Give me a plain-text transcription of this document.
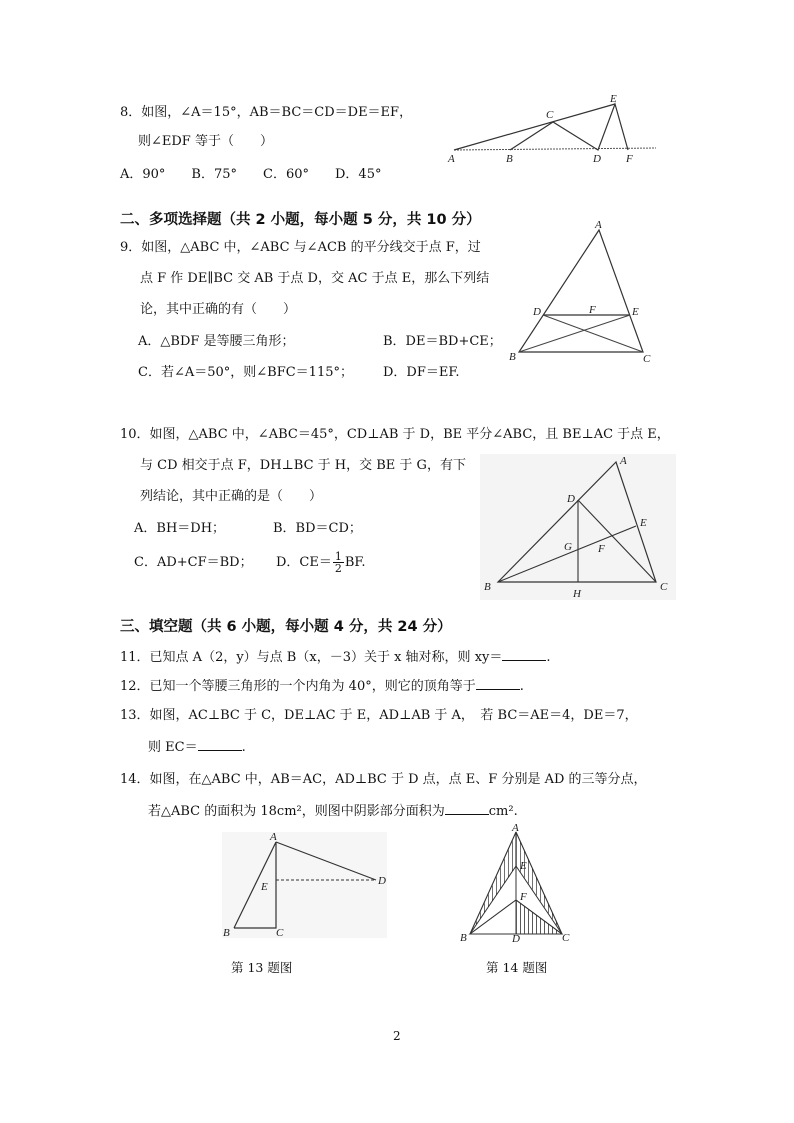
8．如图，∠A＝15°，AB＝BC＝CD＝DE＝EF，
则∠EDF 等于（　　）
A．90°　　B．75°　　C．60°　　D．45°
A	B
C
D
E
F
二、多项选择题（共 2 小题，每小题 5 分，共 10 分）
9．如图，△ABC 中，∠ABC 与∠ACB 的平分线交于点 F，过
点 F 作 DE∥BC 交 AB 于点 D，交 AC 于点 E，那么下列结
论，其中正确的有（　　）
A．△BDF 是等腰三角形；	B．DE＝BD+CE；
C．若∠A＝50°，则∠BFC＝115°； D．DF＝EF.
A
D	F	E
B	C
10．如图，△ABC 中，∠ABC＝45°，CD⊥AB 于 D，BE 平分∠ABC，且 BE⊥AC 于点 E，
与 CD 相交于点 F，DH⊥BC 于 H，交 BE 于 G，有下
列结论，其中正确的是（　　）
A．BH＝DH；	B．BD＝CD；
C．AD+CF＝BD； D．$CE= \frac{1}{2}$ BF.
A
D
E
G F
B
H
C
三、填空题（共 6 小题，每小题 4 分，共 24 分）
11．已知点 A（2，y）与点 B（x，－3）关于 x 轴对称，则 xy＝	.
12．已知一个等腰三角形的一个内角为 40°，则它的顶角等于	.
13．如图，AC⊥BC 于 C，DE⊥AC 于 E，AD⊥AB 于 A，　若 BC＝AE＝4，DE＝7，
则 EC＝	.
14．如图，在△ABC 中，AB＝AC，AD⊥BC 于 D 点，点 E、F 分别是 AD 的三等分点，
若△ABC 的面积为 18cm²，则图中阴影部分面积为	cm².
A
E	D
B	C
第 13 题图
A
E
F
B	D	C
第 14 题图
2
